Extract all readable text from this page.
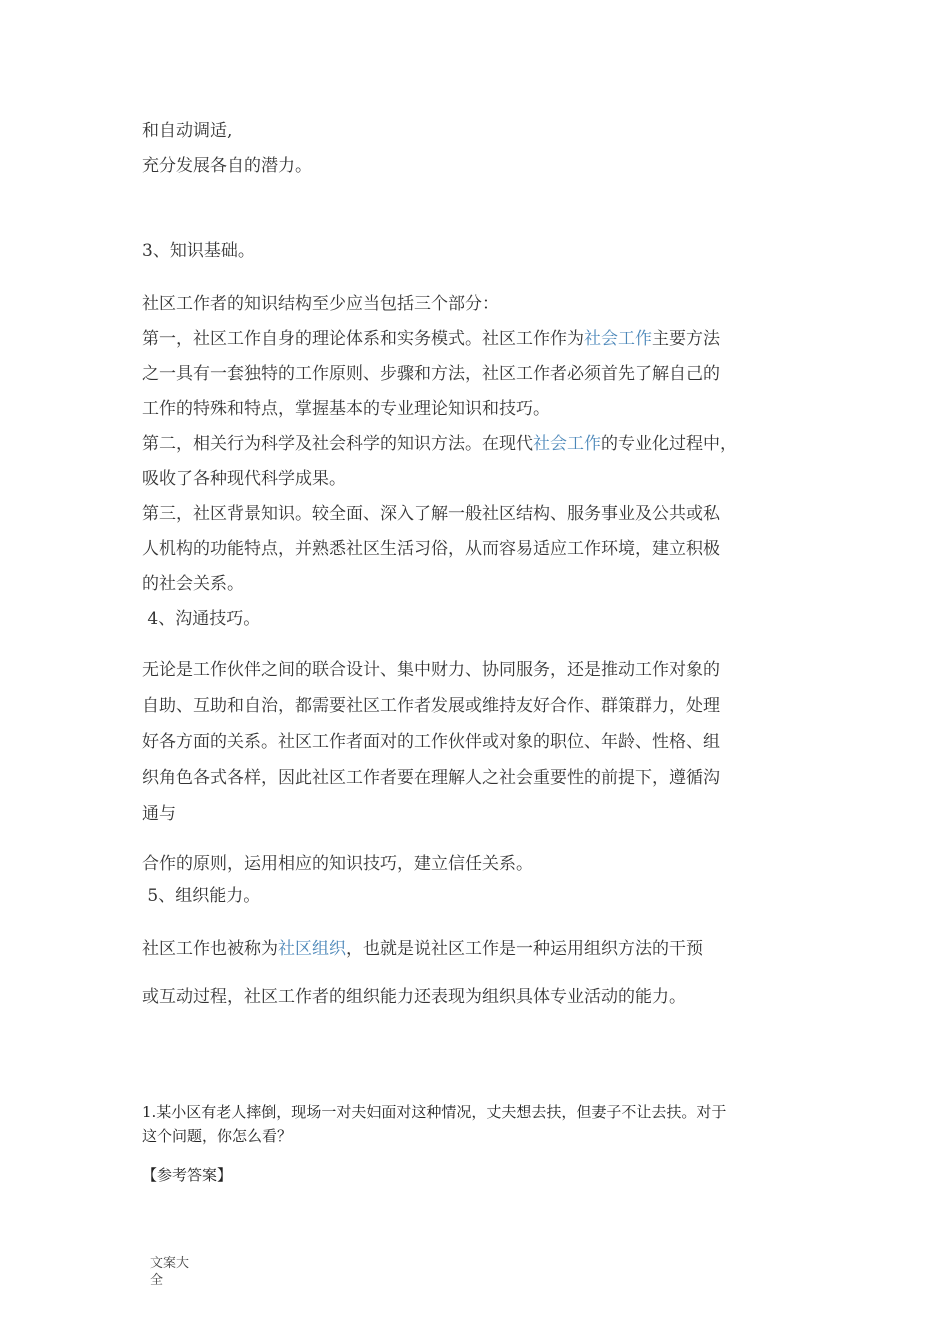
和自动调适,
充分发展各自的潜力。
3、知识基础。
社区工作者的知识结构至少应当包括三个部分：
第一，社区工作自身的理论体系和实务模式。社区工作作为社会工作主要方法
之一具有一套独特的工作原则、步骤和方法，社区工作者必须首先了解自己的
工作的特殊和特点，掌握基本的专业理论知识和技巧。
第二，相关行为科学及社会科学的知识方法。在现代社会工作的专业化过程中，
吸收了各种现代科学成果。
第三，社区背景知识。较全面、深入了解一般社区结构、服务事业及公共或私
人机构的功能特点，并熟悉社区生活习俗，从而容易适应工作环境，建立积极
的社会关系。
4、沟通技巧。
无论是工作伙伴之间的联合设计、集中财力、协同服务，还是推动工作对象的
自助、互助和自治，都需要社区工作者发展或维持友好合作、群策群力，处理
好各方面的关系。社区工作者面对的工作伙伴或对象的职位、年龄、性格、组
织角色各式各样，因此社区工作者要在理解人之社会重要性的前提下，遵循沟
通与
合作的原则，运用相应的知识技巧，建立信任关系。
5、组织能力。
社区工作也被称为社区组织，也就是说社区工作是一种运用组织方法的干预
或互动过程，社区工作者的组织能力还表现为组织具体专业活动的能力。
1.某小区有老人摔倒，现场一对夫妇面对这种情况，丈夫想去扶，但妻子不让去扶。对于
这个问题，你怎么看？
【参考答案】
文案大
全
